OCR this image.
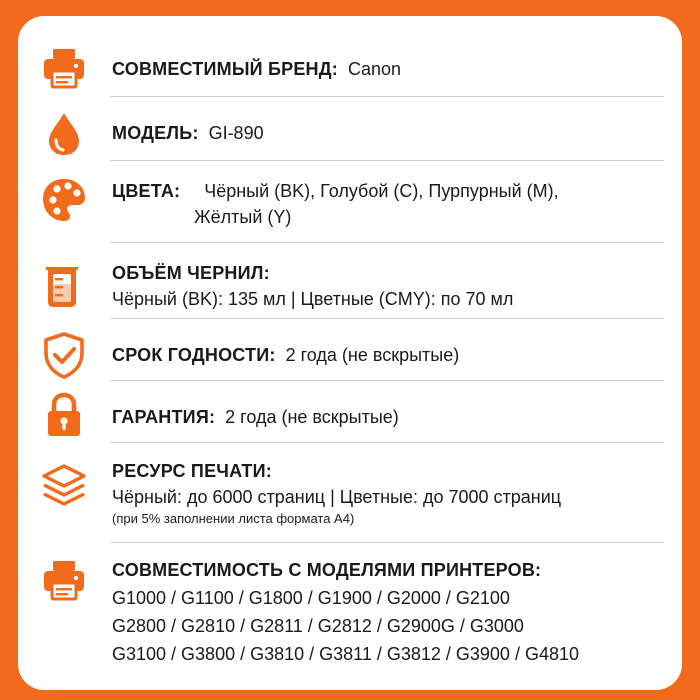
СОВМЕСТИМЫЙ БРЕНД: Canon
МОДЕЛЬ: GI-890
ЦВЕТА: Чёрный (BK), Голубой (C), Пурпурный (M),
Жёлтый (Y)
ОБЪЁМ ЧЕРНИЛ:
Чёрный (BK): 135 мл | Цветные (CMY): по 70 мл
СРОК ГОДНОСТИ: 2 года (не вскрытые)
ГАРАНТИЯ: 2 года (не вскрытые)
РЕСУРС ПЕЧАТИ:
Чёрный: до 6000 страниц | Цветные: до 7000 страниц
(при 5% заполнении листа формата А4)
СОВМЕСТИМОСТЬ С МОДЕЛЯМИ ПРИНТЕРОВ:
G1000 / G1100 / G1800 / G1900 / G2000 / G2100
G2800 / G2810 / G2811 / G2812 / G2900G / G3000
G3100 / G3800 / G3810 / G3811 / G3812 / G3900 / G4810
